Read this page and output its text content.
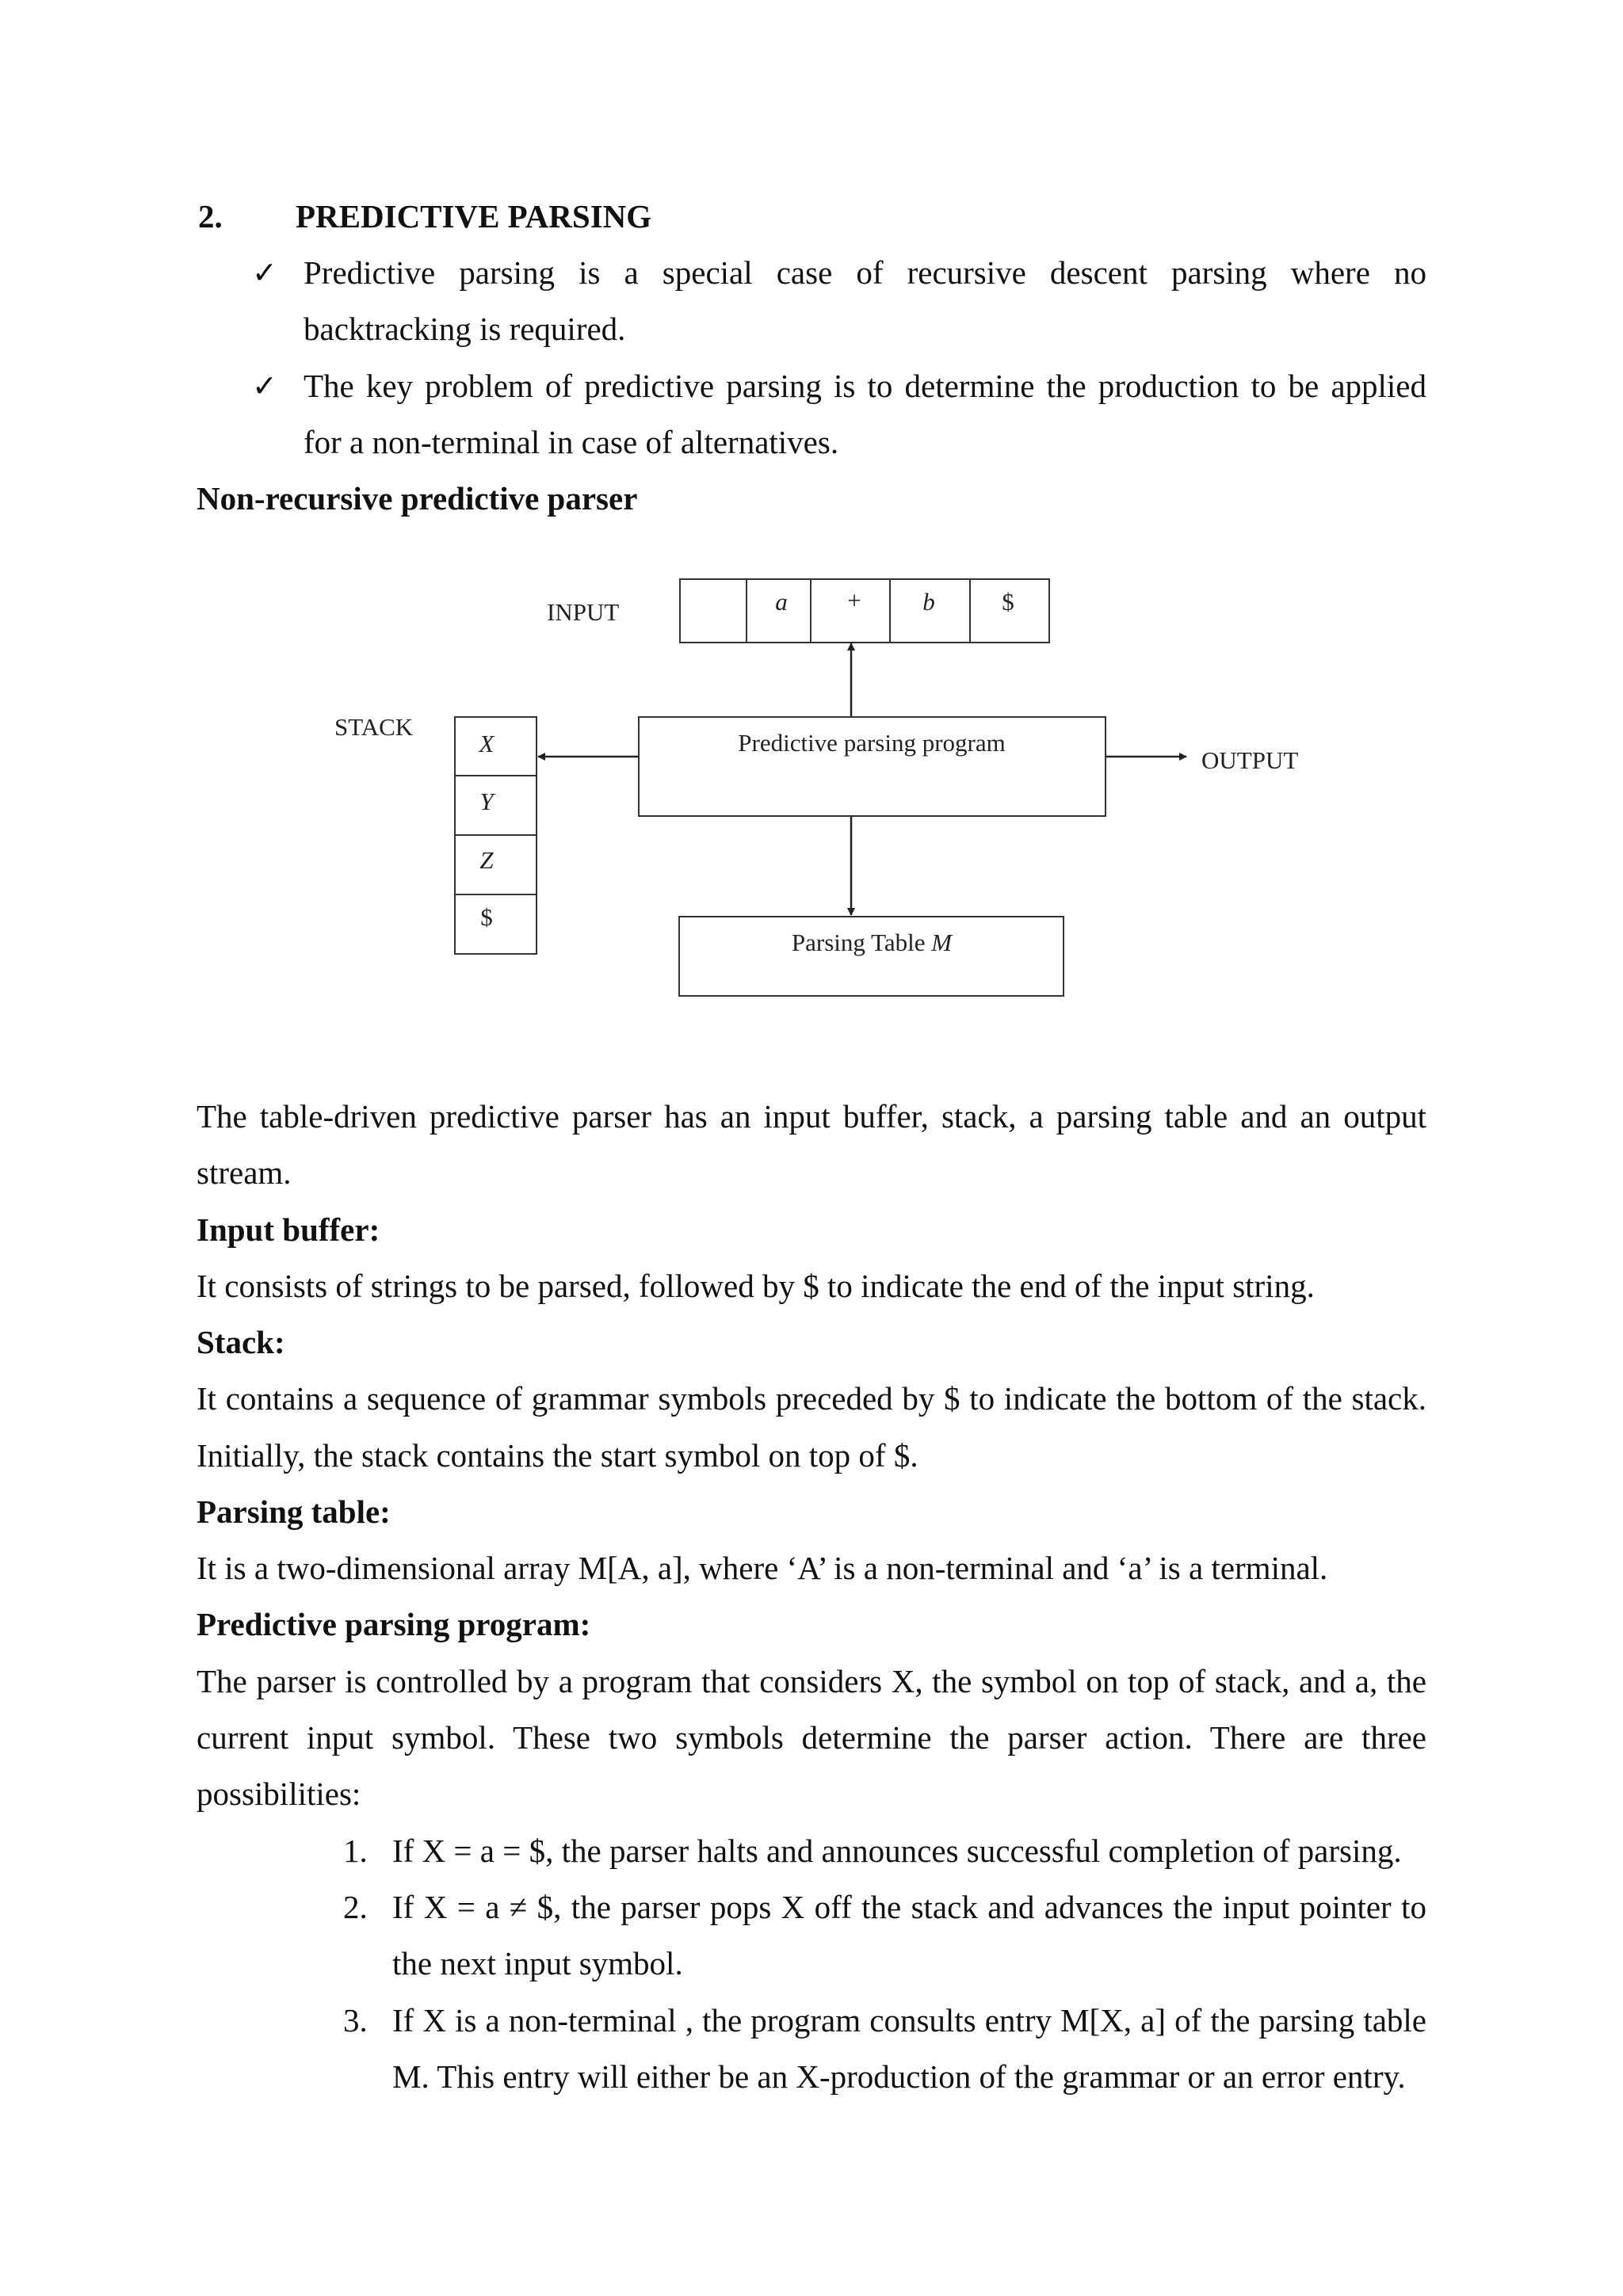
2. PREDICTIVE PARSING
✓ Predictive parsing is a special case of recursive descent parsing where no
backtracking is required.
✓ The key problem of predictive parsing is to determine the production to be applied
for a non-terminal in case of alternatives.
Non-recursive predictive parser
INPUT	a +	b	$
STACK
X
Y
Z
$
Predictive parsing program
OUTPUT
Parsing Table M
The table-driven predictive parser has an input buffer, stack, a parsing table and an output
stream.
Input buffer:
It consists of strings to be parsed, followed by $ to indicate the end of the input string.
Stack:
It contains a sequence of grammar symbols preceded by $ to indicate the bottom of the stack.
Initially, the stack contains the start symbol on top of $.
Parsing table:
It is a two-dimensional array M[A, a], where ‘A’ is a non-terminal and ‘a’ is a terminal.
Predictive parsing program:
The parser is controlled by a program that considers X, the symbol on top of stack, and a, the
current input symbol. These two symbols determine the parser action. There are three
possibilities:
1. If X = a = $, the parser halts and announces successful completion of parsing.
2. If X = a ≠ $, the parser pops X off the stack and advances the input pointer to
the next input symbol.
3. If X is a non-terminal , the program consults entry M[X, a] of the parsing table
M. This entry will either be an X-production of the grammar or an error entry.
